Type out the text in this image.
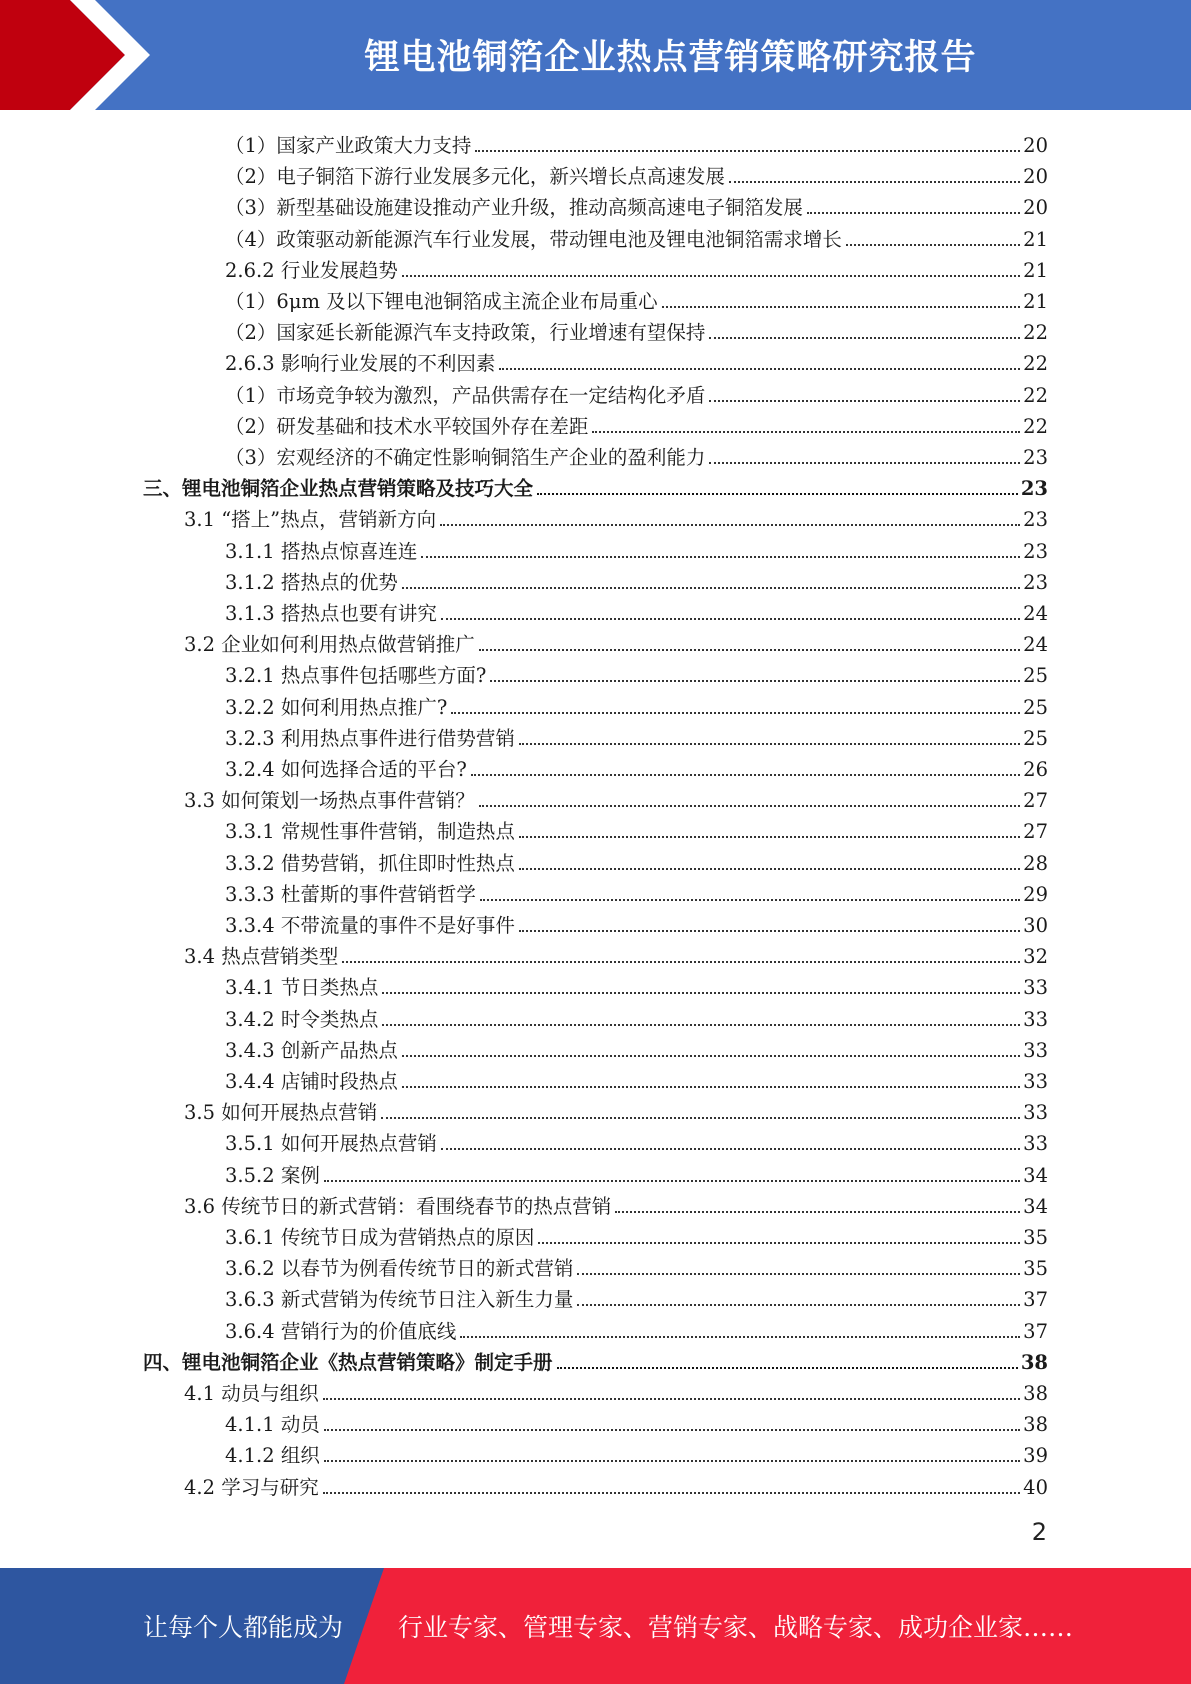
锂电池铜箔企业热点营销策略研究报告
（1）国家产业政策大力支持	20
（2）电子铜箔下游行业发展多元化，新兴增长点高速发展	20
（3）新型基础设施建设推动产业升级，推动高频高速电子铜箔发展	20
（4）政策驱动新能源汽车行业发展，带动锂电池及锂电池铜箔需求增长	21
2.6.2 行业发展趋势	21
（1）6μm 及以下锂电池铜箔成主流企业布局重心	21
（2）国家延长新能源汽车支持政策，行业增速有望保持	22
2.6.3 影响行业发展的不利因素	22
（1）市场竞争较为激烈，产品供需存在一定结构化矛盾	22
（2）研发基础和技术水平较国外存在差距	22
（3）宏观经济的不确定性影响铜箔生产企业的盈利能力	23
三、锂电池铜箔企业热点营销策略及技巧大全	23
3.1 “搭上”热点，营销新方向	23
3.1.1 搭热点惊喜连连	23
3.1.2 搭热点的优势	23
3.1.3 搭热点也要有讲究	24
3.2 企业如何利用热点做营销推广	24
3.2.1 热点事件包括哪些方面?	25
3.2.2 如何利用热点推广?	25
3.2.3 利用热点事件进行借势营销	25
3.2.4 如何选择合适的平台?	26
3.3 如何策划一场热点事件营销？	27
3.3.1 常规性事件营销，制造热点	27
3.3.2 借势营销，抓住即时性热点	28
3.3.3 杜蕾斯的事件营销哲学	29
3.3.4 不带流量的事件不是好事件	30
3.4 热点营销类型	32
3.4.1 节日类热点	33
3.4.2 时令类热点	33
3.4.3 创新产品热点	33
3.4.4 店铺时段热点	33
3.5 如何开展热点营销	33
3.5.1 如何开展热点营销	33
3.5.2 案例	34
3.6 传统节日的新式营销：看围绕春节的热点营销	34
3.6.1 传统节日成为营销热点的原因	35
3.6.2 以春节为例看传统节日的新式营销	35
3.6.3 新式营销为传统节日注入新生力量	37
3.6.4 营销行为的价值底线	37
四、锂电池铜箔企业《热点营销策略》制定手册	38
4.1 动员与组织	38
4.1.1 动员	38
4.1.2 组织	39
4.2 学习与研究	40
2
让每个人都能成为 行业专家、管理专家、营销专家、战略专家、成功企业家……
